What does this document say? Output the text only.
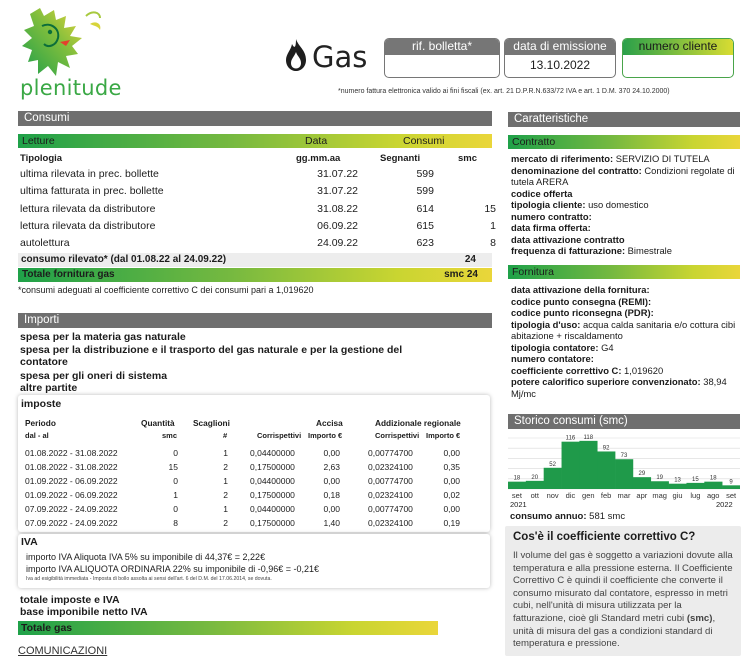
plenitude
Gas	rif. bolletta*	data di emissione
13.10.2022
numero cliente
*numero fattura elettronica valido ai fini fiscali (ex. art. 21 D.P.R.N.633/72 IVA e art. 1 D.M. 370 24.10.2000)
Consumi
Letture	Data	Consumi
Tipologia	gg.mm.aa	Segnanti	smc
ultima rilevata in prec. bollette	31.07.22	599
ultima fatturata in prec. bollette	31.07.22	599
lettura rilevata da distributore	31.08.22	614	15
lettura rilevata da distributore	06.09.22	615	1
autolettura	24.09.22	623	8
consumo rilevato* (dal 01.08.22 al 24.09.22)	24
Totale fornitura gas	smc 24
*consumi adeguati al coefficiente correttivo C dei consumi pari a 1,019620
Importi
spesa per la materia gas naturale
spesa per la distribuzione e il trasporto del gas naturale e per la gestione del
contatore
spesa per gli oneri di sistema
altre partite
imposte
Periodo	Quantità Scaglioni	Accisa	Addizionale regionale
dal - al	smc	#	Corrispettivi Importo €	Corrispettivi Importo €
01.08.2022 - 31.08.2022	0	1	0,04400000	0,00	0,00774700	0,00
01.08.2022 - 31.08.2022	15	2	0,17500000	2,63	0,02324100	0,35
01.09.2022 - 06.09.2022	0	1	0,04400000	0,00	0,00774700	0,00
01.09.2022 - 06.09.2022	1	2	0,17500000	0,18	0,02324100	0,02
07.09.2022 - 24.09.2022	0	1	0,04400000	0,00	0,00774700	0,00
07.09.2022 - 24.09.2022	8	2	0,17500000	1,40	0,02324100	0,19
IVA
importo IVA Aliquota IVA 5% su imponibile di 44,37€ = 2,22€
importo IVA ALIQUOTA ORDINARIA 22% su imponibile di -0,96€ = -0,21€
Iva ad esigibilità immediata - Imposta di bollo assolta ai sensi dell'art. 6 del D.M. del 17.06.2014, se dovuta.
totale imposte e IVA
base imponibile netto IVA
Totale gas
COMUNICAZIONI
Caratteristiche
Contratto
mercato di riferimento: SERVIZIO DI TUTELA
denominazione del contratto: Condizioni regolate di tutela ARERA
codice offerta
tipologia cliente: uso domestico
numero contratto:
data firma offerta:
data attivazione contratto
frequenza di fatturazione: Bimestrale
Fornitura
data attivazione della fornitura:
codice punto consegna (REMI):
codice punto riconsegna (PDR):
tipologia d'uso: acqua calda sanitaria e/o cottura cibi abitazione + riscaldamento
tipologia contatore: G4
numero contatore:
coefficiente correttivo C: 1,019620
potere calorifico superiore convenzionato: 38,94 Mj/mc
Storico consumi (smc)
18
set
20
ott
52
nov
116
dic
118
gen
92
feb
73
mar
29
apr
19
mag
13
giu
15
lug
18
ago
9
set
2021	2022
consumo annuo: 581 smc
Cos'è il coefficiente correttivo C?
Il volume del gas è soggetto a variazioni dovute alla temperatura e alla pressione esterna. Il Coefficiente Correttivo C è quindi il coefficiente che converte il consumo misurato dal contatore, espresso in metri cubi, nell'unità di misura utilizzata per la fatturazione, cioè gli Standard metri cubi (smc), unità di misura del gas a condizioni standard di temperatura e pressione.
